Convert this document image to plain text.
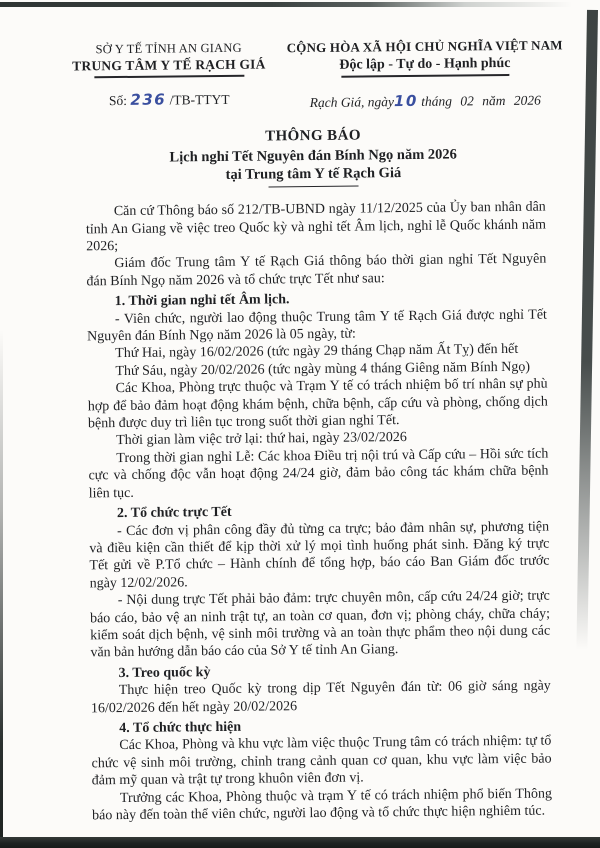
SỞ Y TẾ TỈNH AN GIANG
TRUNG TÂM Y TẾ RẠCH GIÁ
Số: 236 /TB-TTYT
CỘNG HÒA XÃ HỘI CHỦ NGHĨA VIỆT NAM
Độc lập - Tự do - Hạnh phúc
Rạch Giá, ngày10 tháng 02 năm 2026
THÔNG BÁO
Lịch nghỉ Tết Nguyên đán Bính Ngọ năm 2026
tại Trung tâm Y tế Rạch Giá

Căn cứ Thông báo số 212/TB-UBND ngày 11/12/2025 của Ủy ban nhân dân tỉnh An Giang về việc treo Quốc kỳ và nghỉ tết Âm lịch, nghỉ lễ Quốc khánh năm 2026;

Giám đốc Trung tâm Y tế Rạch Giá thông báo thời gian nghỉ Tết Nguyên đán Bính Ngọ năm 2026 và tổ chức trực Tết như sau:

1. Thời gian nghỉ tết Âm lịch.

- Viên chức, người lao động thuộc Trung tâm Y tế Rạch Giá được nghỉ Tết Nguyên đán Bính Ngọ năm 2026 là 05 ngày, từ:

Thứ Hai, ngày 16/02/2026 (tức ngày 29 tháng Chạp năm Ất Tỵ) đến hết

Thứ Sáu, ngày 20/02/2026 (tức ngày mùng 4 tháng Giêng năm Bính Ngọ)

Các Khoa, Phòng trực thuộc và Trạm Y tế có trách nhiệm bố trí nhân sự phù hợp để bảo đảm hoạt động khám bệnh, chữa bệnh, cấp cứu và phòng, chống dịch bệnh được duy trì liên tục trong suốt thời gian nghỉ Tết.

Thời gian làm việc trở lại: thứ hai, ngày 23/02/2026

Trong thời gian nghỉ Lễ: Các khoa Điều trị nội trú và Cấp cứu – Hồi sức tích cực và chống độc vẫn hoạt động 24/24 giờ, đảm bảo công tác khám chữa bệnh liên tục.

2. Tổ chức trực Tết

- Các đơn vị phân công đầy đủ từng ca trực; bảo đảm nhân sự, phương tiện và điều kiện cần thiết để kịp thời xử lý mọi tình huống phát sinh. Đăng ký trực Tết gửi về P.Tổ chức – Hành chính để tổng hợp, báo cáo Ban Giám đốc trước ngày 12/02/2026.

- Nội dung trực Tết phải bảo đảm: trực chuyên môn, cấp cứu 24/24 giờ; trực báo cáo, bảo vệ an ninh trật tự, an toàn cơ quan, đơn vị; phòng cháy, chữa cháy; kiểm soát dịch bệnh, vệ sinh môi trường và an toàn thực phẩm theo nội dung các văn bản hướng dẫn báo cáo của Sở Y tế tỉnh An Giang.

3. Treo quốc kỳ

Thực hiện treo Quốc kỳ trong dịp Tết Nguyên đán từ: 06 giờ sáng ngày 16/02/2026 đến hết ngày 20/02/2026

4. Tổ chức thực hiện

Các Khoa, Phòng và khu vực làm việc thuộc Trung tâm có trách nhiệm: tự tổ chức vệ sinh môi trường, chỉnh trang cảnh quan cơ quan, khu vực làm việc bảo đảm mỹ quan và trật tự trong khuôn viên đơn vị.

Trưởng các Khoa, Phòng thuộc và trạm Y tế có trách nhiệm phổ biến Thông báo này đến toàn thể viên chức, người lao động và tổ chức thực hiện nghiêm túc.
